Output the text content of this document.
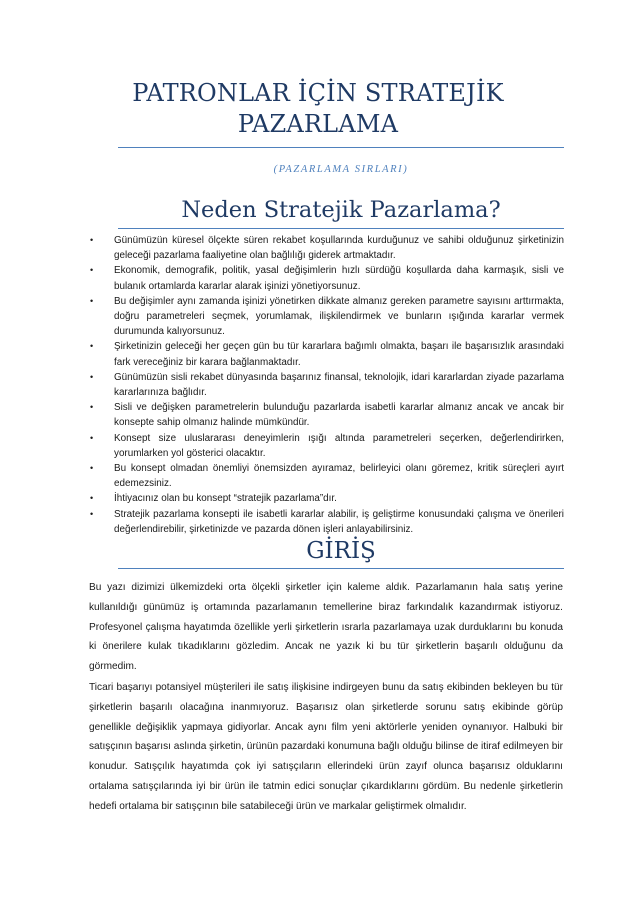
PATRONLAR İÇİN STRATEJİK
PAZARLAMA
(PAZARLAMA SIRLARI)
Neden Stratejik Pazarlama?
• Günümüzün küresel ölçekte süren rekabet koşullarında kurduğunuz ve sahibi olduğunuz şirketinizin geleceği pazarlama faaliyetine olan bağlılığı giderek artmaktadır.
• Ekonomik, demografik, politik, yasal değişimlerin hızlı sürdüğü koşullarda daha karmaşık, sisli ve bulanık ortamlarda kararlar alarak işinizi yönetiyorsunuz.
• Bu değişimler aynı zamanda işinizi yönetirken dikkate almanız gereken parametre sayısını arttırmakta, doğru parametreleri seçmek, yorumlamak, ilişkilendirmek ve bunların ışığında kararlar vermek durumunda kalıyorsunuz.
• Şirketinizin geleceği her geçen gün bu tür kararlara bağımlı olmakta, başarı ile başarısızlık arasındaki fark vereceğiniz bir karara bağlanmaktadır.
• Günümüzün sisli rekabet dünyasında başarınız finansal, teknolojik, idari kararlardan ziyade pazarlama kararlarınıza bağlıdır.
• Sisli ve değişken parametrelerin bulunduğu pazarlarda isabetli kararlar almanız ancak ve ancak bir konsepte sahip olmanız halinde mümkündür.
• Konsept size uluslararası deneyimlerin ışığı altında parametreleri seçerken, değerlendirirken, yorumlarken yol gösterici olacaktır.
• Bu konsept olmadan önemliyi önemsizden ayıramaz, belirleyici olanı göremez, kritik süreçleri ayırt edemezsiniz.
• İhtiyacınız olan bu konsept “stratejik pazarlama”dır.
• Stratejik pazarlama konsepti ile isabetli kararlar alabilir, iş geliştirme konusundaki çalışma ve önerileri değerlendirebilir, şirketinizde ve pazarda dönen işleri anlayabilirsiniz.
GİRİŞ

Bu yazı dizimizi ülkemizdeki orta ölçekli şirketler için kaleme aldık. Pazarlamanın hala satış yerine kullanıldığı günümüz iş ortamında pazarlamanın temellerine biraz farkındalık kazandırmak istiyoruz. Profesyonel çalışma hayatımda özellikle yerli şirketlerin ısrarla pazarlamaya uzak durduklarını bu konuda ki önerilere kulak tıkadıklarını gözledim. Ancak ne yazık ki bu tür şirketlerin başarılı olduğunu da görmedim.

Ticari başarıyı potansiyel müşterileri ile satış ilişkisine indirgeyen bunu da satış ekibinden bekleyen bu tür şirketlerin başarılı olacağına inanmıyoruz. Başarısız olan şirketlerde sorunu satış ekibinde görüp genellikle değişiklik yapmaya gidiyorlar. Ancak aynı film yeni aktörlerle yeniden oynanıyor. Halbuki bir satışçının başarısı aslında şirketin, ürünün pazardaki konumuna bağlı olduğu bilinse de itiraf edilmeyen bir konudur. Satışçılık hayatımda çok iyi satışçıların ellerindeki ürün zayıf olunca başarısız olduklarını ortalama satışçılarında iyi bir ürün ile tatmin edici sonuçlar çıkardıklarını gördüm. Bu nedenle şirketlerin hedefi ortalama bir satışçının bile satabileceği ürün ve markalar geliştirmek olmalıdır.
